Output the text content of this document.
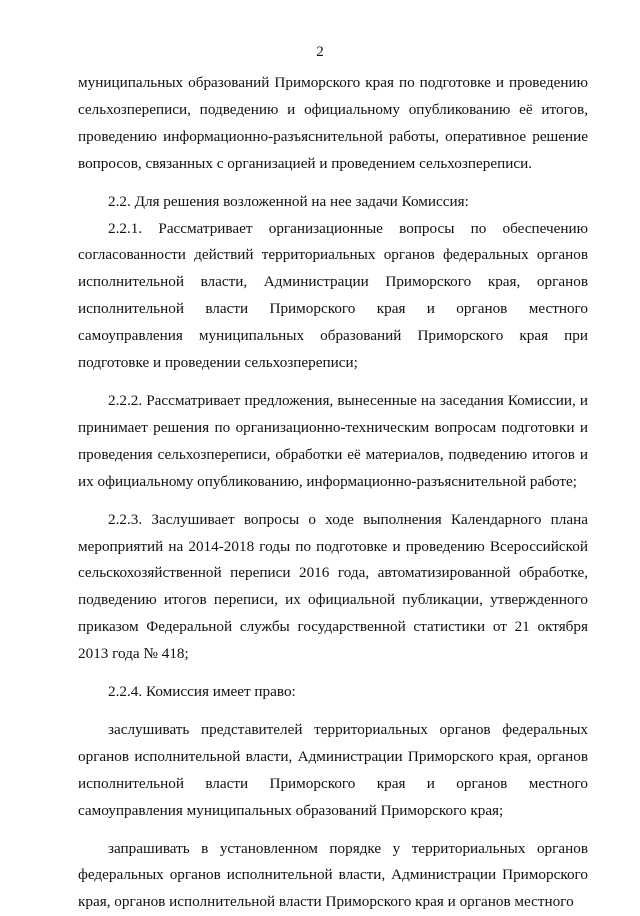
2

муниципальных образований Приморского края по подготовке и проведению сельхозпереписи, подведению и официальному опубликованию её итогов, проведению информационно-разъяснительной работы, оперативное решение вопросов, связанных с организацией и проведением сельхозпереписи.

2.2. Для решения возложенной на нее задачи Комиссия:

2.2.1. Рассматривает организационные вопросы по обеспечению согласованности действий территориальных органов федеральных органов исполнительной власти, Администрации Приморского края, органов исполнительной власти Приморского края и органов местного самоуправления муниципальных образований Приморского края при подготовке и проведении сельхозпереписи;

2.2.2. Рассматривает предложения, вынесенные на заседания Комиссии, и принимает решения по организационно-техническим вопросам подготовки и проведения сельхозпереписи, обработки её материалов, подведению итогов и их официальному опубликованию, информационно-разъяснительной работе;

2.2.3. Заслушивает вопросы о ходе выполнения Календарного плана мероприятий на 2014-2018 годы по подготовке и проведению Всероссийской сельскохозяйственной переписи 2016 года, автоматизированной обработке, подведению итогов переписи, их официальной публикации, утвержденного приказом Федеральной службы государственной статистики от 21 октября 2013 года № 418;

2.2.4. Комиссия имеет право:

заслушивать представителей территориальных органов федеральных органов исполнительной власти, Администрации Приморского края, органов исполнительной власти Приморского края и органов местного самоуправления муниципальных образований Приморского края;

запрашивать в установленном порядке у территориальных органов федеральных органов исполнительной власти, Администрации Приморского края, органов исполнительной власти Приморского края и органов местного
